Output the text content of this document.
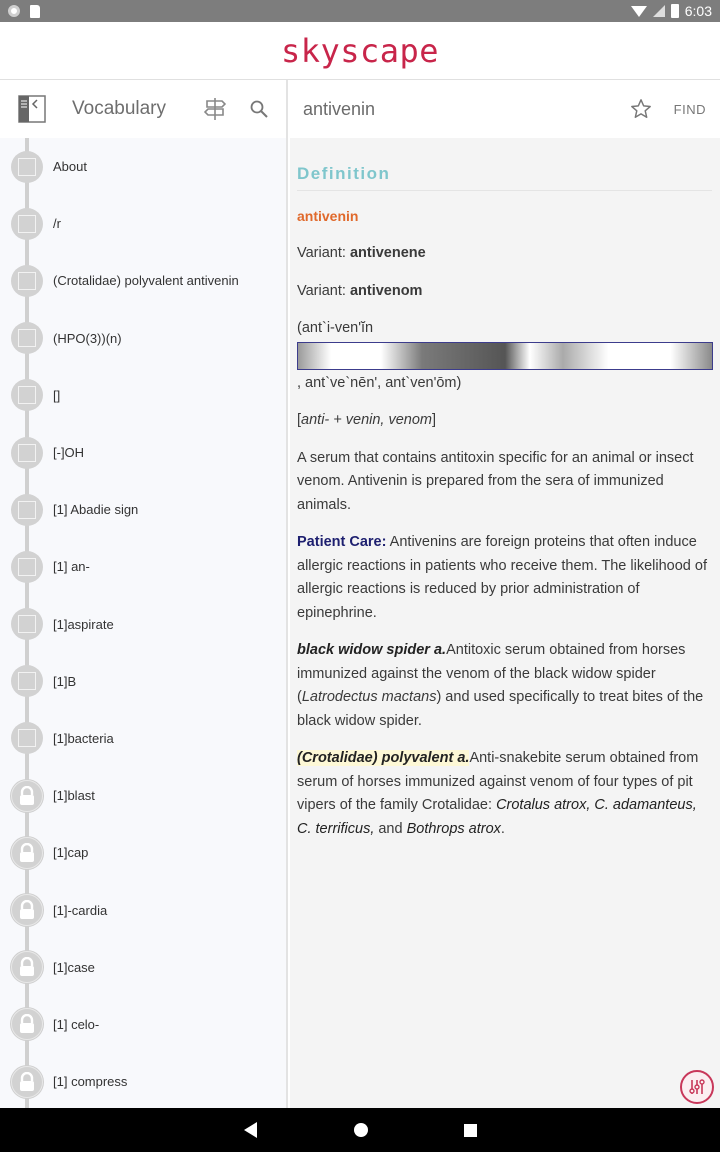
6:03
skyscape
Vocabulary
About
/r
(Crotalidae) polyvalent antivenin
(HPO(3))(n)
[]
[-]OH
[1] Abadie sign
[1] an-
[1]aspirate
[1]B
[1]bacteria
[1]blast
[1]cap
[1]-cardia
[1]case
[1] celo-
[1] compress
antivenin	FIND
Definition
antivenin
Variant: antivenene
Variant: antivenom
(ant`i-ven'ĭn
, ant`ve`nēn', ant`ven'ōm)
[anti- + venin, venom]
A serum that contains antitoxin specific for an animal or insect venom. Antivenin is prepared from the sera of immunized animals.
Patient Care: Antivenins are foreign proteins that often induce allergic reactions in patients who receive them. The likelihood of allergic reactions is reduced by prior administration of epinephrine.
black widow spider a.Antitoxic serum obtained from horses immunized against the venom of the black widow spider (Latrodectus mactans) and used specifically to treat bites of the black widow spider.
(Crotalidae) polyvalent a.Anti-snakebite serum obtained from serum of horses immunized against venom of four types of pit vipers of the family Crotalidae: Crotalus atrox, C. adamanteus, C. terrificus, and Bothrops atrox.
